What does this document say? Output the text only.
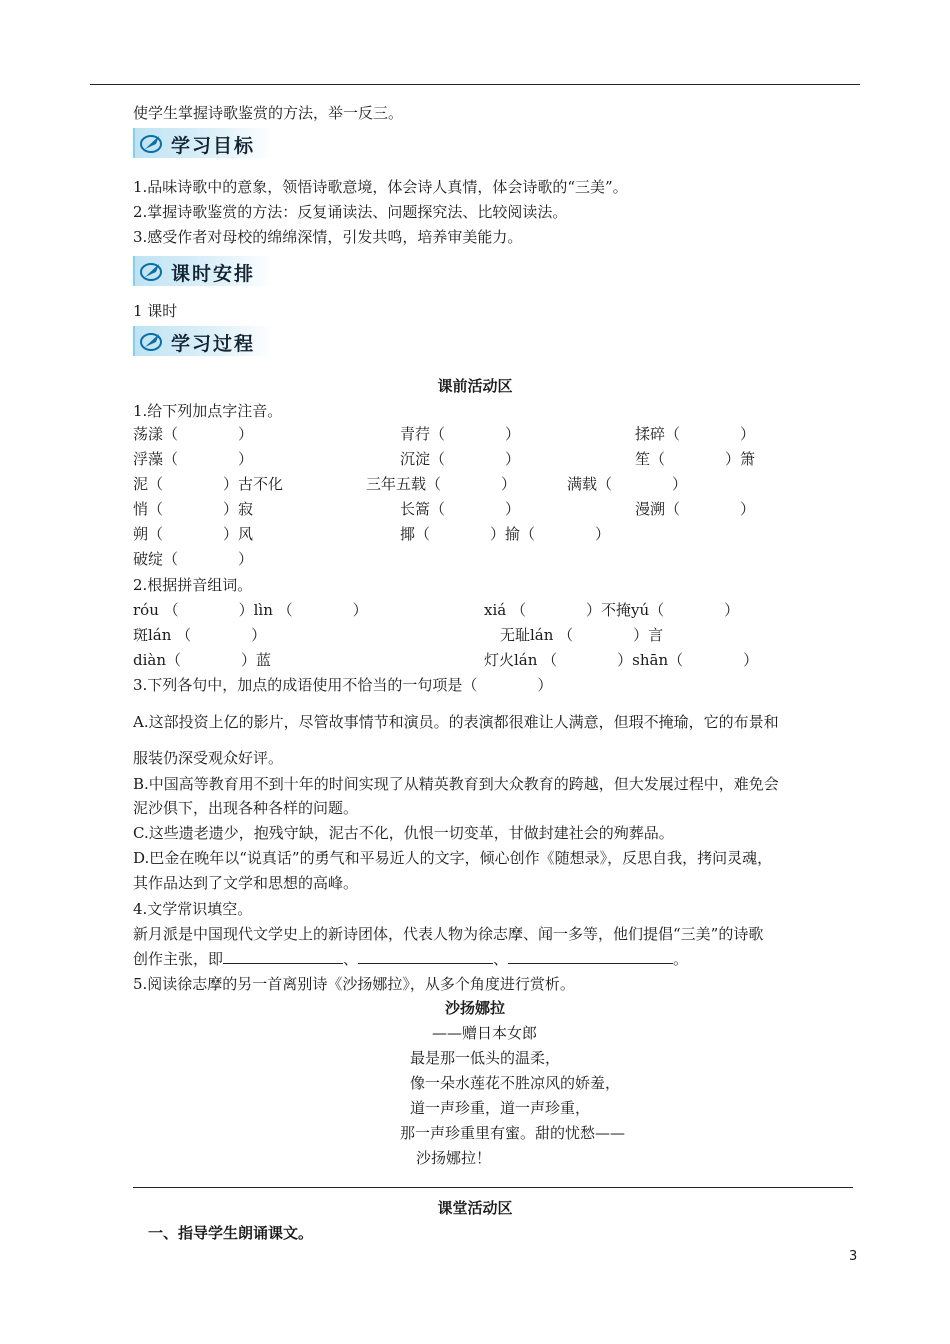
使学生掌握诗歌鉴赏的方法，举一反三。
学习目标
1.品味诗歌中的意象，领悟诗歌意境，体会诗人真情，体会诗歌的“三美”。
2.掌握诗歌鉴赏的方法：反复诵读法、问题探究法、比较阅读法。
3.感受作者对母校的绵绵深情，引发共鸣，培养审美能力。
课时安排
1 课时
学习过程
课前活动区
1.给下列加点字注音。
荡漾（　　　　）	青荇（　　　　）	揉碎（　　　　）
浮藻（　　　　）	沉淀（　　　　）	笙（　　　　）箫
泥（　　　　）古不化	三年五载（　　　　）	满载（　　　　）
悄（　　　　）寂	长篙（　　　　）	漫溯（　　　　）
朔（　　　　）风	揶（　　　　）揄（　　　　）
破绽（　　　　）
2.根据拼音组词。
róu （　　　　）lìn （　　　　）	xiá （　　　　）不掩yú（　　　　）
斑lán （　　　　）	无耻lán （　　　　）言
diàn（　　　　）蓝	灯火lán （　　　　）shān（　　　　）
3.下列各句中，加点的成语使用不恰当的一句项是（　　　　）
A.这部投资上亿的影片，尽管故事情节和演员。的表演都很难让人满意，但瑕不掩瑜，它的布景和
服装仍深受观众好评。
B.中国高等教育用不到十年的时间实现了从精英教育到大众教育的跨越，但大发展过程中，难免会
泥沙俱下，出现各种各样的问题。
C.这些遗老遗少，抱残守缺，泥古不化，仇恨一切变革，甘做封建社会的殉葬品。
D.巴金在晚年以“说真话”的勇气和平易近人的文字，倾心创作《随想录》，反思自我，拷问灵魂，
其作品达到了文学和思想的高峰。
4.文学常识填空。
新月派是中国现代文学史上的新诗团体，代表人物为徐志摩、闻一多等，他们提倡“三美”的诗歌
创作主张，即	、	、	。
5.阅读徐志摩的另一首离别诗《沙扬娜拉》，从多个角度进行赏析。
沙扬娜拉
——赠日本女郎
最是那一低头的温柔，
像一朵水莲花不胜凉风的娇羞，
道一声珍重，道一声珍重，
那一声珍重里有蜜。甜的忧愁——
沙扬娜拉！
课堂活动区
一、指导学生朗诵课文。
3
